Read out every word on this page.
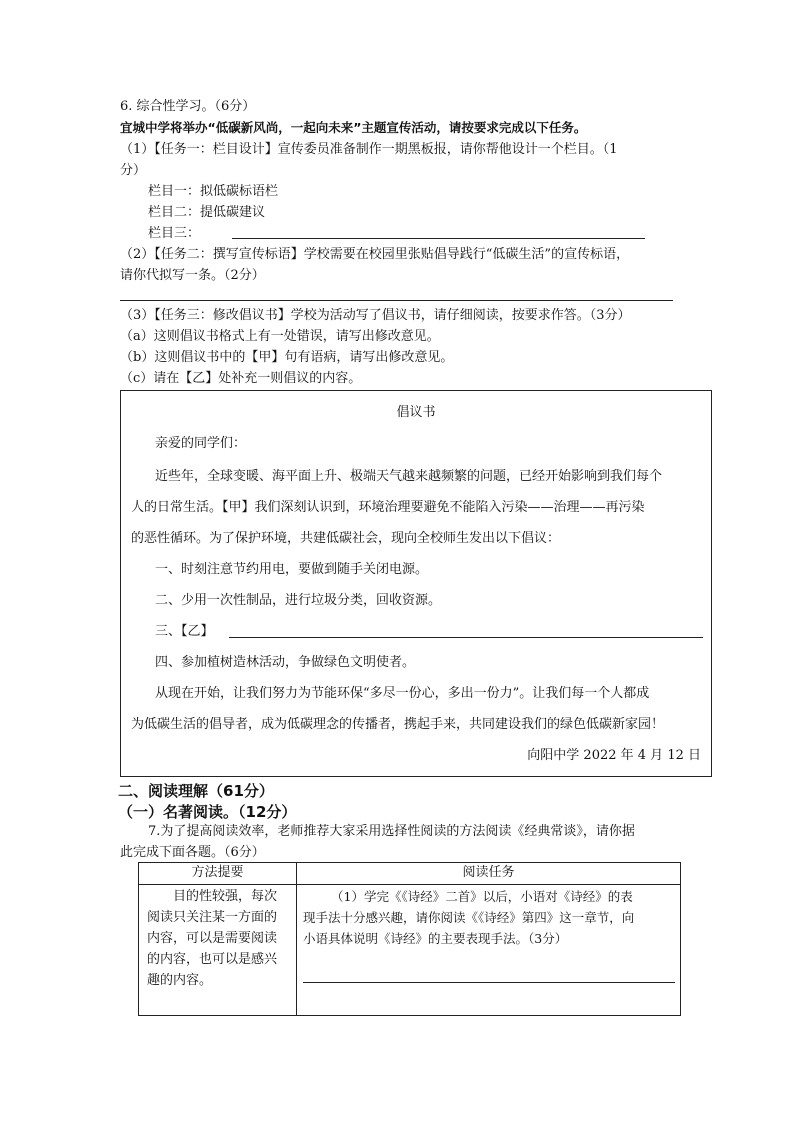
6. 综合性学习。（6分）
宜城中学将举办“低碳新风尚，一起向未来”主题宣传活动，请按要求完成以下任务。
（1）【任务一：栏目设计】宣传委员准备制作一期黑板报，请你帮他设计一个栏目。（1
分）
栏目一：拟低碳标语栏
栏目二：提低碳建议
栏目三：
（2）【任务二：撰写宣传标语】学校需要在校园里张贴倡导践行“低碳生活”的宣传标语，
请你代拟写一条。（2分）
（3）【任务三：修改倡议书】学校为活动写了倡议书，请仔细阅读，按要求作答。（3分）
（a）这则倡议书格式上有一处错误，请写出修改意见。
（b）这则倡议书中的【甲】句有语病，请写出修改意见。
（c）请在【乙】处补充一则倡议的内容。
倡议书
亲爱的同学们：
近些年，全球变暖、海平面上升、极端天气越来越频繁的问题，已经开始影响到我们每个
人的日常生活。【甲】我们深刻认识到，环境治理要避免不能陷入污染——治理——再污染
的恶性循环。为了保护环境，共建低碳社会，现向全校师生发出以下倡议：
一、时刻注意节约用电，要做到随手关闭电源。
二、少用一次性制品，进行垃圾分类，回收资源。
三、【乙】
四、参加植树造林活动，争做绿色文明使者。
从现在开始，让我们努力为节能环保“多尽一份心，多出一份力”。让我们每一个人都成
为低碳生活的倡导者，成为低碳理念的传播者，携起手来，共同建设我们的绿色低碳新家园！
向阳中学 2022 年 4 月 12 日
二、阅读理解（61分）
（一）名著阅读。（12分）
7.为了提高阅读效率，老师推荐大家采用选择性阅读的方法阅读《经典常谈》，请你据
此完成下面各题。（6分）
方法提要	阅读任务
目的性较强，每次
阅读只关注某一方面的
内容，可以是需要阅读
的内容，也可以是感兴
趣的内容。
（1）学完《《诗经》二首》以后，小语对《诗经》的表
现手法十分感兴趣，请你阅读《《诗经》第四》这一章节，向
小语具体说明《诗经》的主要表现手法。（3分）
